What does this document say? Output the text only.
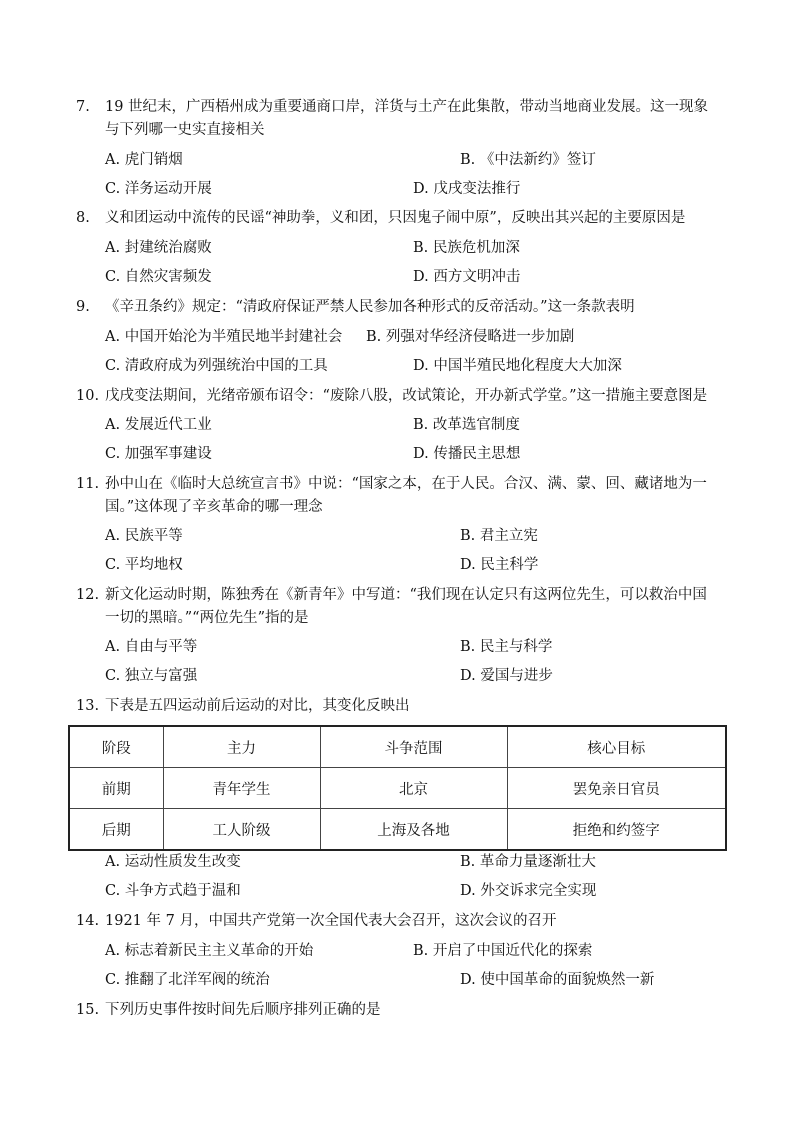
7. 19 世纪末，广西梧州成为重要通商口岸，洋货与土产在此集散，带动当地商业发展。这一现象
与下列哪一史实直接相关
A. 虎门销烟	B. 《中法新约》签订
C. 洋务运动开展	D. 戊戌变法推行
8. 义和团运动中流传的民谣“神助拳，义和团，只因鬼子闹中原”，反映出其兴起的主要原因是
A. 封建统治腐败	B. 民族危机加深
C. 自然灾害频发	D. 西方文明冲击
9. 《辛丑条约》规定：“清政府保证严禁人民参加各种形式的反帝活动。”这一条款表明
A. 中国开始沦为半殖民地半封建社会 B. 列强对华经济侵略进一步加剧
C. 清政府成为列强统治中国的工具	D. 中国半殖民地化程度大大加深
10. 戊戌变法期间，光绪帝颁布诏令：“废除八股，改试策论，开办新式学堂。”这一措施主要意图是
A. 发展近代工业	B. 改革选官制度
C. 加强军事建设	D. 传播民主思想
11. 孙中山在《临时大总统宣言书》中说：“国家之本，在于人民。合汉、满、蒙、回、藏诸地为一
国。”这体现了辛亥革命的哪一理念
A. 民族平等	B. 君主立宪
C. 平均地权	D. 民主科学
12. 新文化运动时期，陈独秀在《新青年》中写道：“我们现在认定只有这两位先生，可以救治中国
一切的黑暗。”“两位先生”指的是
A. 自由与平等	B. 民主与科学
C. 独立与富强	D. 爱国与进步
13. 下表是五四运动前后运动的对比，其变化反映出
阶段	主力	斗争范围	核心目标
前期	青年学生	北京	罢免亲日官员
后期	工人阶级	上海及各地	拒绝和约签字
A. 运动性质发生改变	B. 革命力量逐渐壮大
C. 斗争方式趋于温和	D. 外交诉求完全实现
14. 1921 年 7 月，中国共产党第一次全国代表大会召开，这次会议的召开
A. 标志着新民主主义革命的开始	B. 开启了中国近代化的探索
C. 推翻了北洋军阀的统治	D. 使中国革命的面貌焕然一新
15. 下列历史事件按时间先后顺序排列正确的是
